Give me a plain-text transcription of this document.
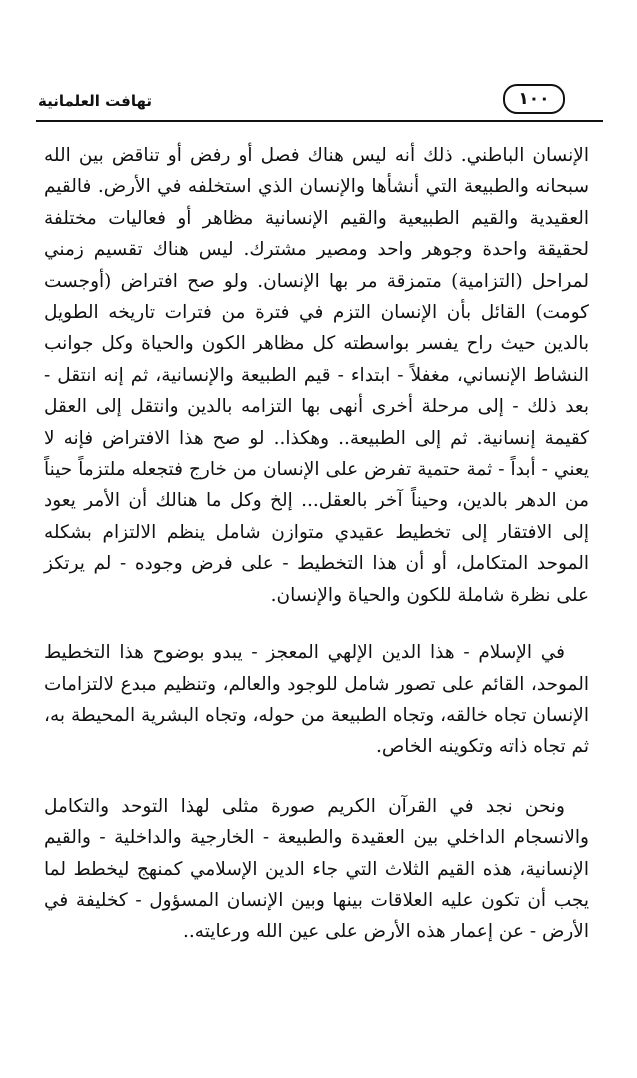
تهافت العلمانية	١٠٠

الإنسان الباطني. ذلك أنه ليس هناك فصل أو رفض أو تناقض بين الله سبحانه والطبيعة التي أنشأها والإنسان الذي استخلفه في الأرض. فالقيم العقيدية والقيم الطبيعية والقيم الإنسانية مظاهر أو فعاليات مختلفة لحقيقة واحدة وجوهر واحد ومصير مشترك. ليس هناك تقسيم زمني لمراحل (التزامية) متمزقة مر بها الإنسان. ولو صح افتراض (أوجست كومت) القائل بأن الإنسان التزم في فترة من فترات تاريخه الطويل بالدين حيث راح يفسر بواسطته كل مظاهر الكون والحياة وكل جوانب النشاط الإنساني، مغفلاً - ابتداء - قيم الطبيعة والإنسانية، ثم إنه انتقل - بعد ذلك - إلى مرحلة أخرى أنهى بها التزامه بالدين وانتقل إلى العقل كقيمة إنسانية. ثم إلى الطبيعة.. وهكذا.. لو صح هذا الافتراض فإنه لا يعني - أبداً - ثمة حتمية تفرض على الإنسان من خارج فتجعله ملتزماً حيناً من الدهر بالدين، وحيناً آخر بالعقل... إلخ وكل ما هنالك أن الأمر يعود إلى الافتقار إلى تخطيط عقيدي متوازن شامل ينظم الالتزام بشكله الموحد المتكامل، أو أن هذا التخطيط - على فرض وجوده - لم يرتكز على نظرة شاملة للكون والحياة والإنسان.

في الإسلام - هذا الدين الإلهي المعجز - يبدو بوضوح هذا التخطيط الموحد، القائم على تصور شامل للوجود والعالم، وتنظيم مبدع لالتزامات الإنسان تجاه خالقه، وتجاه الطبيعة من حوله، وتجاه البشرية المحيطة به، ثم تجاه ذاته وتكوينه الخاص.

ونحن نجد في القرآن الكريم صورة مثلى لهذا التوحد والتكامل والانسجام الداخلي بين العقيدة والطبيعة - الخارجية والداخلية - والقيم الإنسانية، هذه القيم الثلاث التي جاء الدين الإسلامي كمنهج ليخطط لما يجب أن تكون عليه العلاقات بينها وبين الإنسان المسؤول - كخليفة في الأرض - عن إعمار هذه الأرض على عين الله ورعايته..
